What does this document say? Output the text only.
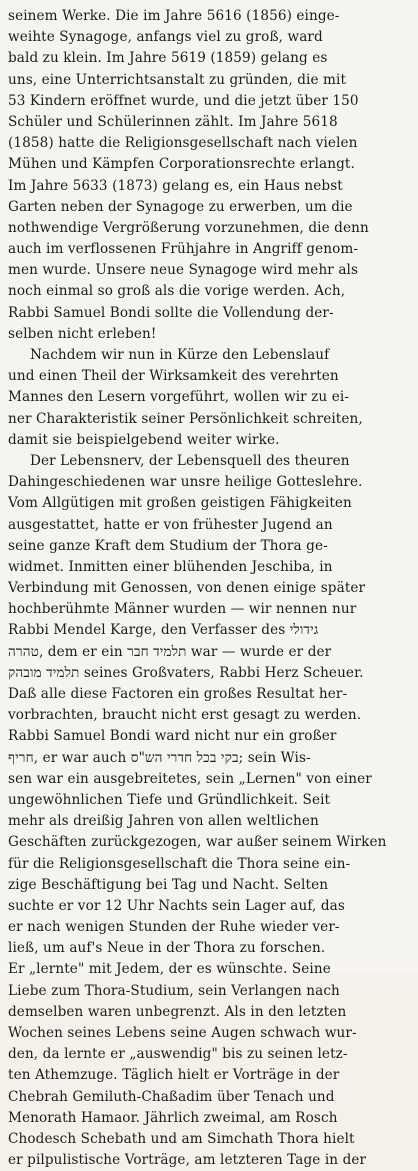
seinem Werke. Die im Jahre 5616 (1856) einge-
weihte Synagoge, anfangs viel zu groß, ward
bald zu klein. Im Jahre 5619 (1859) gelang es
uns, eine Unterrichtsanstalt zu gründen, die mit
53 Kindern eröffnet wurde, und die jetzt über 150
Schüler und Schülerinnen zählt. Im Jahre 5618
(1858) hatte die Religionsgesellschaft nach vielen
Mühen und Kämpfen Corporationsrechte erlangt.
Im Jahre 5633 (1873) gelang es, ein Haus nebst
Garten neben der Synagoge zu erwerben, um die
nothwendige Vergrößerung vorzunehmen, die denn
auch im verflossenen Frühjahre in Angriff genom-
men wurde. Unsere neue Synagoge wird mehr als
noch einmal so groß als die vorige werden. Ach,
Rabbi Samuel Bondi sollte die Vollendung der-
selben nicht erleben!
Nachdem wir nun in Kürze den Lebenslauf
und einen Theil der Wirksamkeit des verehrten
Mannes den Lesern vorgeführt, wollen wir zu ei-
ner Charakteristik seiner Persönlichkeit schreiten,
damit sie beispielgebend weiter wirke.
Der Lebensnerv, der Lebensquell des theuren
Dahingeschiedenen war unsre heilige Gotteslehre.
Vom Allgütigen mit großen geistigen Fähigkeiten
ausgestattet, hatte er von frühester Jugend an
seine ganze Kraft dem Studium der Thora ge-
widmet. Inmitten einer blühenden Jeschiba, in
Verbindung mit Genossen, von denen einige später
hochberühmte Männer wurden — wir nennen nur
Rabbi Mendel Karge, den Verfasser des גידולי
טהרה, dem er ein תלמיד חבר war — wurde er der
תלמיד מובהק seines Großvaters, Rabbi Herz Scheuer.
Daß alle diese Factoren ein großes Resultat her-
vorbrachten, braucht nicht erst gesagt zu werden.
Rabbi Samuel Bondi ward nicht nur ein großer
חריף, er war auch בקי בכל חדרי הש"ס; sein Wis-
sen war ein ausgebreitetes, sein „Lernen" von einer
ungewöhnlichen Tiefe und Gründlichkeit. Seit
mehr als dreißig Jahren von allen weltlichen
Geschäften zurückgezogen, war außer seinem Wirken
für die Religionsgesellschaft die Thora seine ein-
zige Beschäftigung bei Tag und Nacht. Selten
suchte er vor 12 Uhr Nachts sein Lager auf, das
er nach wenigen Stunden der Ruhe wieder ver-
ließ, um auf's Neue in der Thora zu forschen.
Er „lernte" mit Jedem, der es wünschte. Seine
Liebe zum Thora-Studium, sein Verlangen nach
demselben waren unbegrenzt. Als in den letzten
Wochen seines Lebens seine Augen schwach wur-
den, da lernte er „auswendig" bis zu seinen letz-
ten Athemzuge. Täglich hielt er Vorträge in der
Chebrah Gemiluth-Chaßadim über Tenach und
Menorath Hamaor. Jährlich zweimal, am Rosch
Chodesch Schebath und am Simchath Thora hielt
er pilpulistische Vorträge, am letzteren Tage in der
